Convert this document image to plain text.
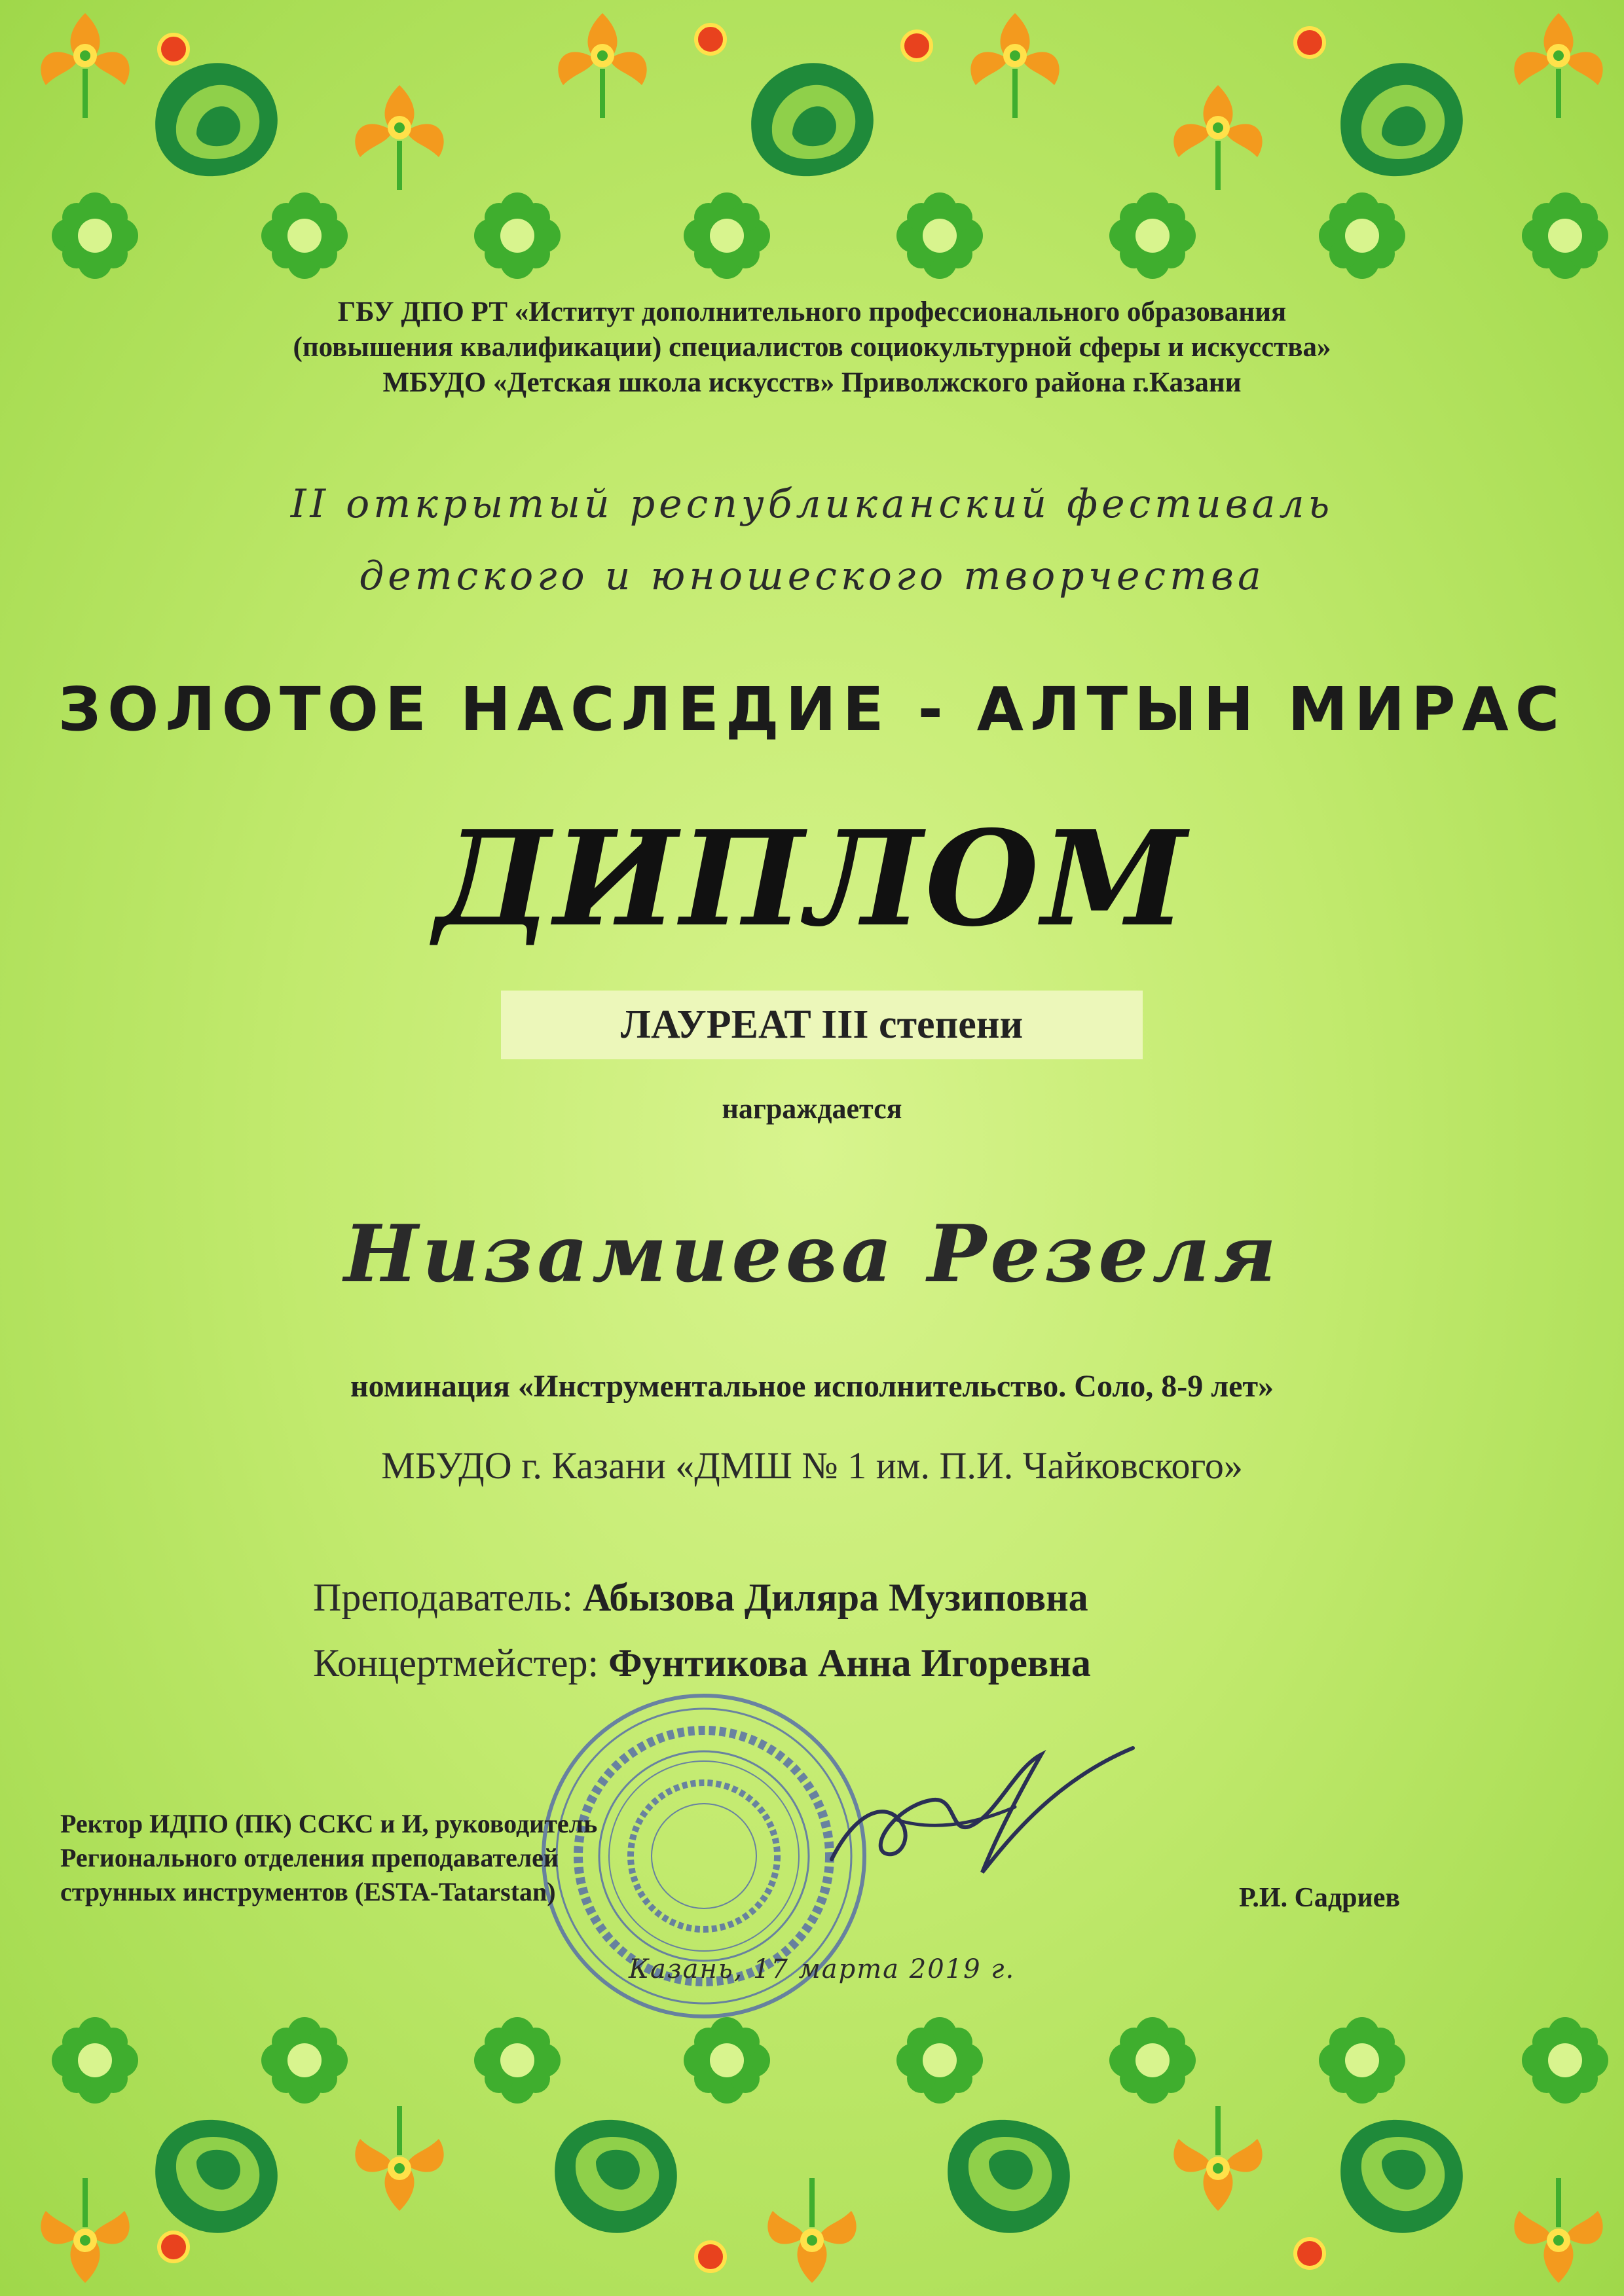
ГБУ ДПО РТ «Иститут дополнительного профессионального образования
(повышения квалификации) специалистов социокультурной сферы и искусства»
МБУДО «Детская школа искусств» Приволжского района г.Казани
II открытый республиканский фестиваль
детского и юношеского творчества
ЗОЛОТОЕ НАСЛЕДИЕ - АЛТЫН МИРАС
ДИПЛОМ
ЛАУРЕАТ III степени
награждается
Низамиева Резеля
номинация «Инструментальное исполнительство. Соло, 8-9 лет»
МБУДО г. Казани «ДМШ № 1 им. П.И. Чайковского»
Преподаватель: Абызова Диляра Музиповна
Концертмейстер: Фунтикова Анна Игоревна
Ректор ИДПО (ПК) ССКС и И, руководитель
Регионального отделения преподавателей
струнных инструментов (ESTA-Tatarstan)	Р.И. Садриев
Казань, 17 марта 2019 г.
